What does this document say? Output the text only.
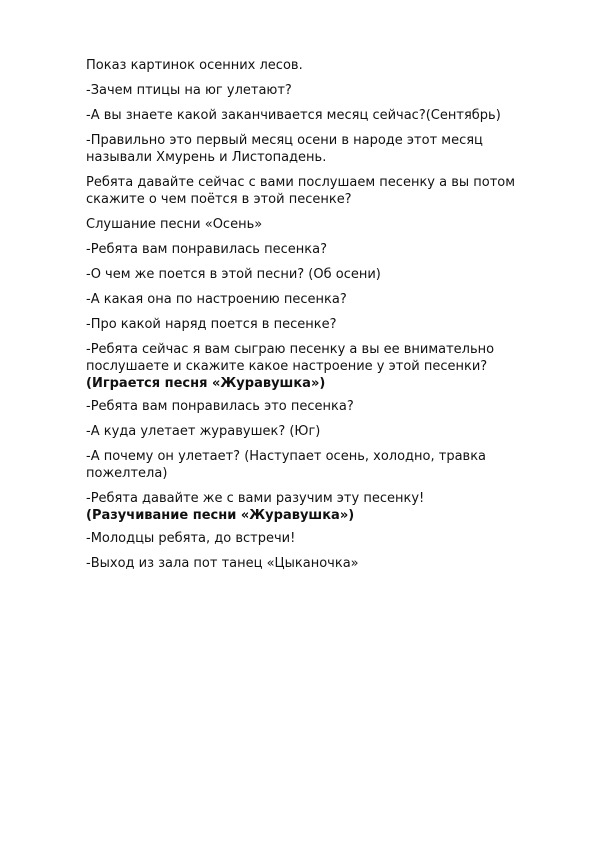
Показ картинок осенних лесов.

-Зачем птицы на юг улетают?

-А вы знаете какой заканчивается месяц сейчас?(Сентябрь)

-Правильно это первый месяц осени в народе этот месяц
называли Хмурень и Листопадень.

Ребята давайте сейчас с вами послушаем песенку а вы потом
скажите о чем поётся в этой песенке?

Слушание песни «Осень»

-Ребята вам понравилась песенка?

-О чем же поется в этой песни? (Об осени)

-А какая она по настроению песенка?

-Про какой наряд поется в песенке?

-Ребята сейчас я вам сыграю песенку а вы ее внимательно
послушаете и скажите какое настроение у этой песенки?
(Играется песня «Журавушка»)

-Ребята вам понравилась это песенка?

-А куда улетает журавушек? (Юг)

-А почему он улетает? (Наступает осень, холодно, травка
пожелтела)

-Ребята давайте же с вами разучим эту песенку!
(Разучивание песни «Журавушка»)

-Молодцы ребята, до встречи!

-Выход из зала пот танец «Цыканочка»
